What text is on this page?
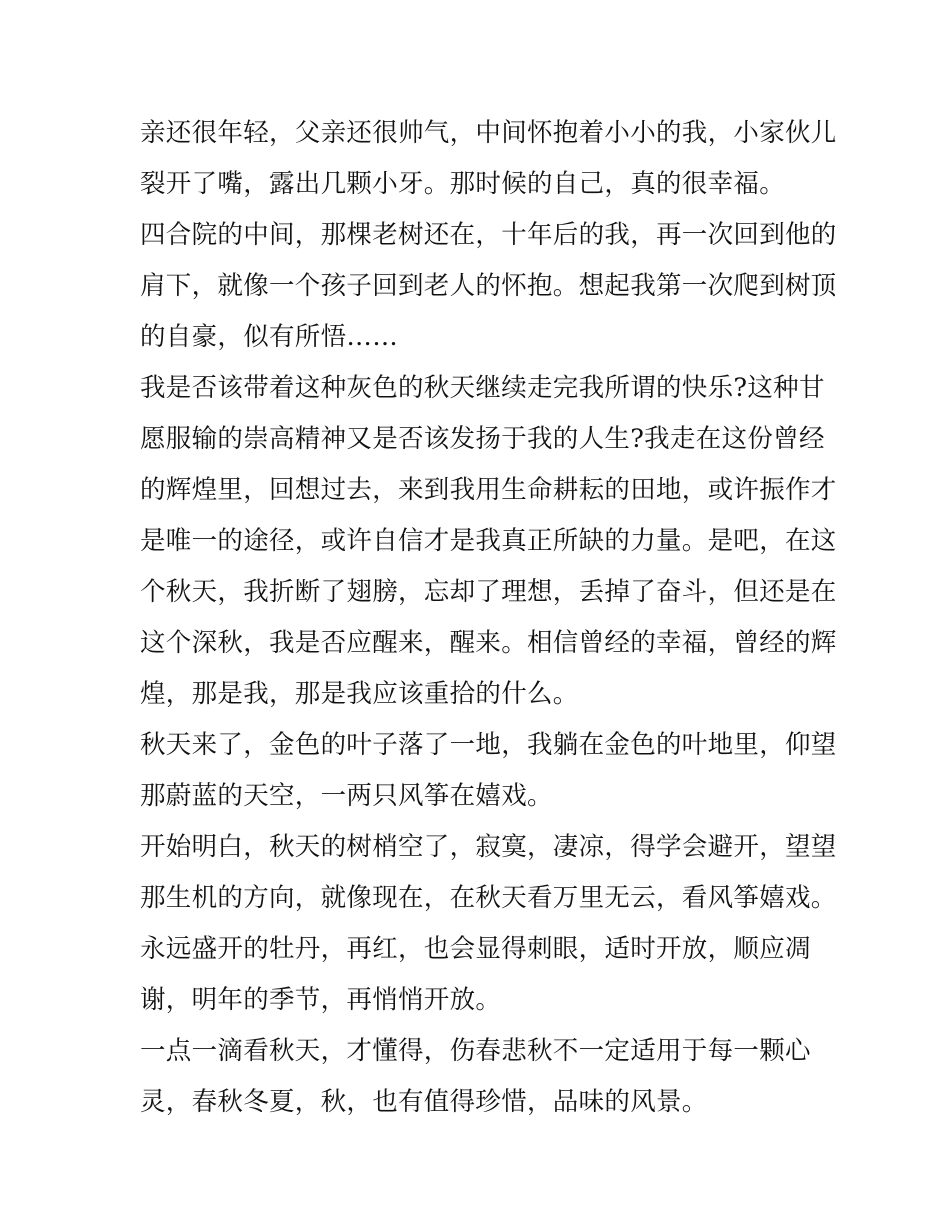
亲还很年轻，父亲还很帅气，中间怀抱着小小的我，小家伙儿
裂开了嘴，露出几颗小牙。那时候的自己，真的很幸福。
四合院的中间，那棵老树还在，十年后的我，再一次回到他的
肩下，就像一个孩子回到老人的怀抱。想起我第一次爬到树顶
的自豪，似有所悟……
我是否该带着这种灰色的秋天继续走完我所谓的快乐?这种甘
愿服输的崇高精神又是否该发扬于我的人生?我走在这份曾经
的辉煌里，回想过去，来到我用生命耕耘的田地，或许振作才
是唯一的途径，或许自信才是我真正所缺的力量。是吧，在这
个秋天，我折断了翅膀，忘却了理想，丢掉了奋斗，但还是在
这个深秋，我是否应醒来，醒来。相信曾经的幸福，曾经的辉
煌，那是我，那是我应该重拾的什么。
秋天来了，金色的叶子落了一地，我躺在金色的叶地里，仰望
那蔚蓝的天空，一两只风筝在嬉戏。
开始明白，秋天的树梢空了，寂寞，凄凉，得学会避开，望望
那生机的方向，就像现在，在秋天看万里无云，看风筝嬉戏。
永远盛开的牡丹，再红，也会显得刺眼，适时开放，顺应凋
谢，明年的季节，再悄悄开放。
一点一滴看秋天，才懂得，伤春悲秋不一定适用于每一颗心
灵，春秋冬夏，秋，也有值得珍惜，品味的风景。
